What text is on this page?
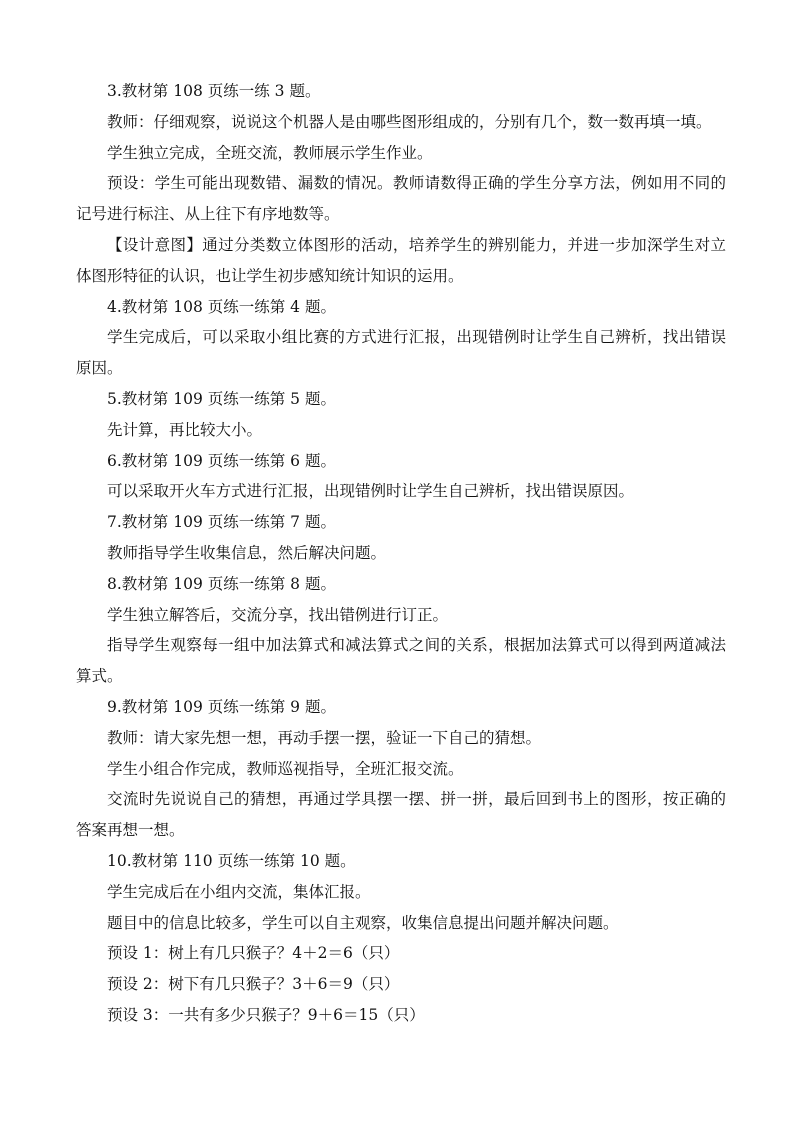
3.教材第 108 页练一练 3 题。

教师：仔细观察，说说这个机器人是由哪些图形组成的，分别有几个，数一数再填一填。

学生独立完成，全班交流，教师展示学生作业。

预设：学生可能出现数错、漏数的情况。教师请数得正确的学生分享方法，例如用不同的记号进行标注、从上往下有序地数等。

【设计意图】通过分类数立体图形的活动，培养学生的辨别能力，并进一步加深学生对立体图形特征的认识，也让学生初步感知统计知识的运用。

4.教材第 108 页练一练第 4 题。

学生完成后，可以采取小组比赛的方式进行汇报，出现错例时让学生自己辨析，找出错误原因。

5.教材第 109 页练一练第 5 题。

先计算，再比较大小。

6.教材第 109 页练一练第 6 题。

可以采取开火车方式进行汇报，出现错例时让学生自己辨析，找出错误原因。

7.教材第 109 页练一练第 7 题。

教师指导学生收集信息，然后解决问题。

8.教材第 109 页练一练第 8 题。

学生独立解答后，交流分享，找出错例进行订正。

指导学生观察每一组中加法算式和减法算式之间的关系，根据加法算式可以得到两道减法算式。

9.教材第 109 页练一练第 9 题。

教师：请大家先想一想，再动手摆一摆，验证一下自己的猜想。

学生小组合作完成，教师巡视指导，全班汇报交流。

交流时先说说自己的猜想，再通过学具摆一摆、拼一拼，最后回到书上的图形，按正确的答案再想一想。

10.教材第 110 页练一练第 10 题。

学生完成后在小组内交流，集体汇报。

题目中的信息比较多，学生可以自主观察，收集信息提出问题并解决问题。

预设 1：树上有几只猴子？4＋2＝6（只）

预设 2：树下有几只猴子？3＋6＝9（只）

预设 3：一共有多少只猴子？9＋6＝15（只）
